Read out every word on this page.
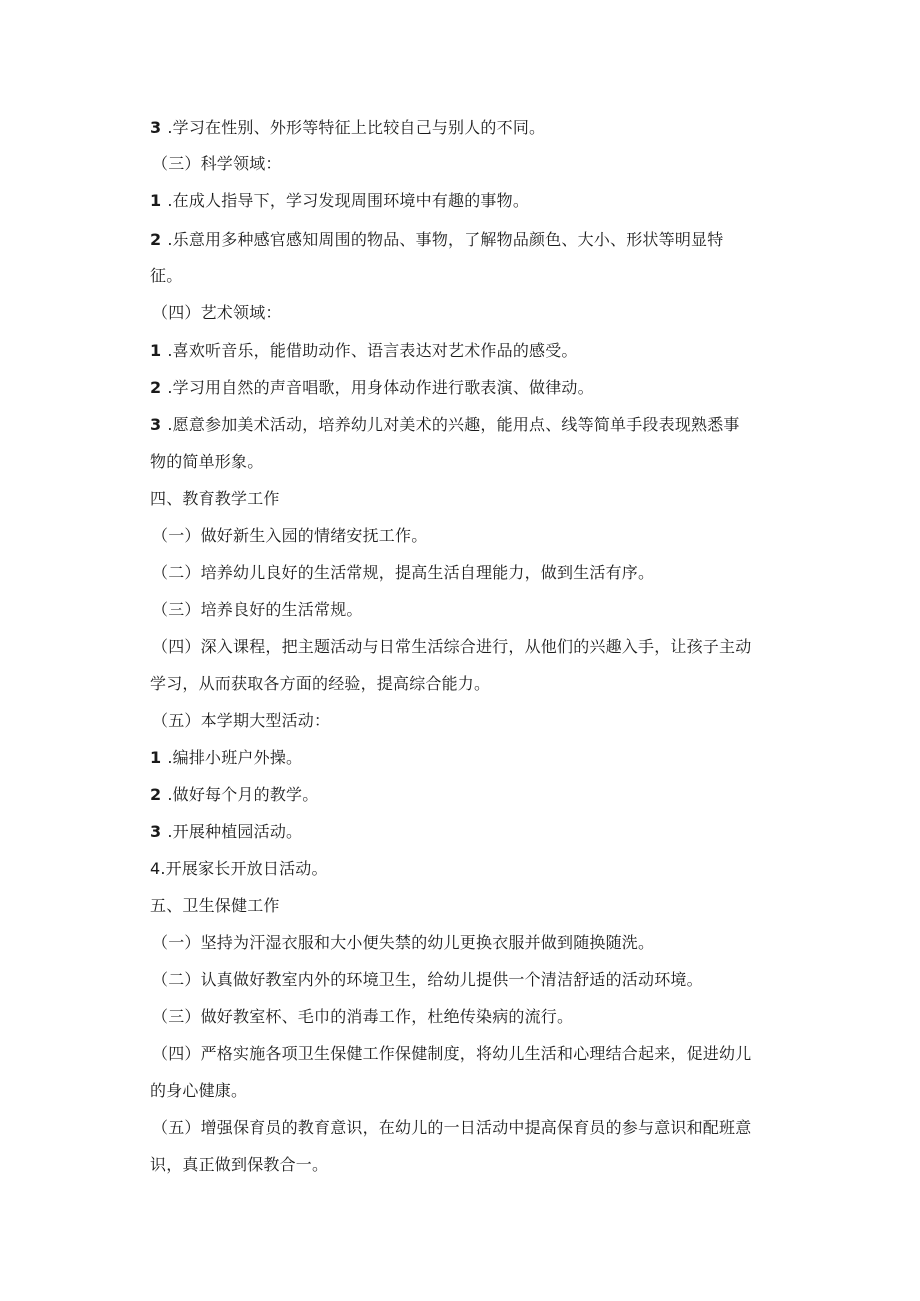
3 .学习在性别、外形等特征上比较自己与别人的不同。
（三）科学领域：
1 .在成人指导下，学习发现周围环境中有趣的事物。
2 .乐意用多种感官感知周围的物品、事物，了解物品颜色、大小、形状等明显特
征。
（四）艺术领域：
1 .喜欢听音乐，能借助动作、语言表达对艺术作品的感受。
2 .学习用自然的声音唱歌，用身体动作进行歌表演、做律动。
3 .愿意参加美术活动，培养幼儿对美术的兴趣，能用点、线等简单手段表现熟悉事
物的简单形象。
四、教育教学工作
（一）做好新生入园的情绪安抚工作。
（二）培养幼儿良好的生活常规，提高生活自理能力，做到生活有序。
（三）培养良好的生活常规。
（四）深入课程，把主题活动与日常生活综合进行，从他们的兴趣入手，让孩子主动
学习，从而获取各方面的经验，提高综合能力。
（五）本学期大型活动：
1 .编排小班户外操。
2 .做好每个月的教学。
3 .开展种植园活动。
4.开展家长开放日活动。
五、卫生保健工作
（一）坚持为汗湿衣服和大小便失禁的幼儿更换衣服并做到随换随洗。
（二）认真做好教室内外的环境卫生，给幼儿提供一个清洁舒适的活动环境。
（三）做好教室杯、毛巾的消毒工作，杜绝传染病的流行。
（四）严格实施各项卫生保健工作保健制度，将幼儿生活和心理结合起来，促进幼儿
的身心健康。
（五）增强保育员的教育意识，在幼儿的一日活动中提高保育员的参与意识和配班意
识，真正做到保教合一。
